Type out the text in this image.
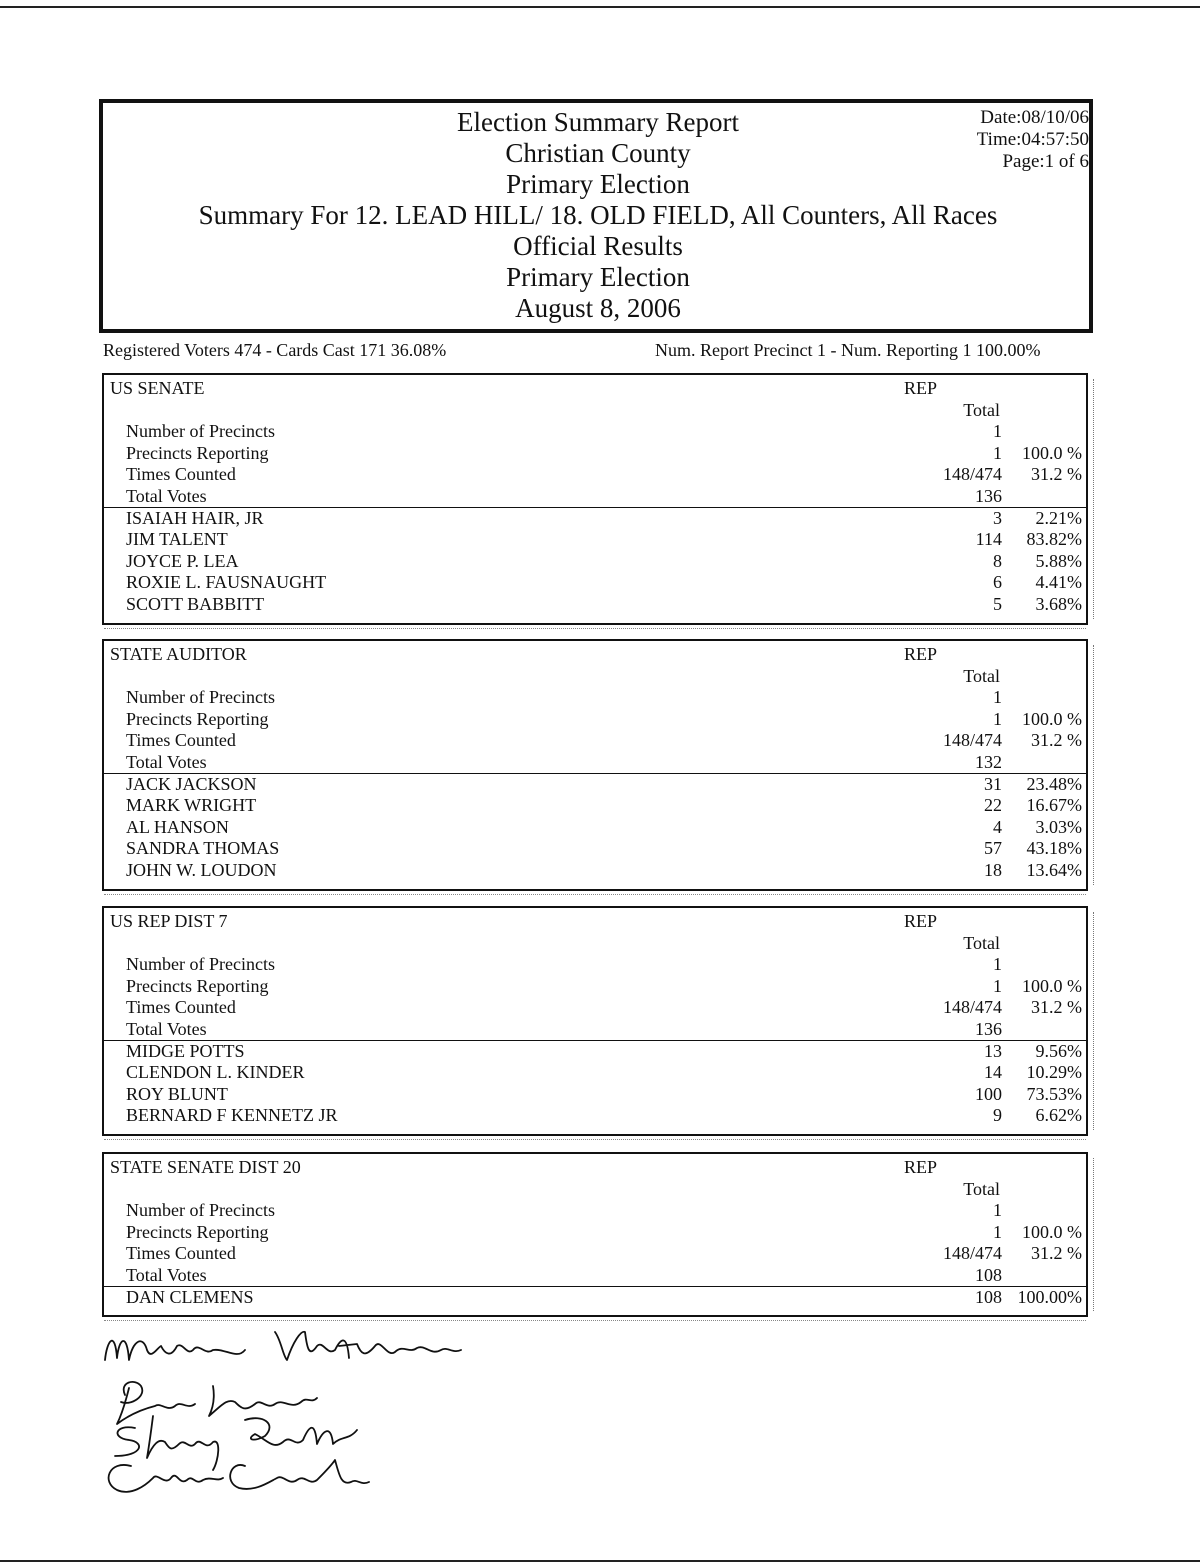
Election Summary Report
Christian County
Primary Election
Summary For 12. LEAD HILL/ 18. OLD FIELD, All Counters, All Races
Official Results
Primary Election
August 8, 2006
Date:08/10/06
Time:04:57:50
Page:1 of 6
Registered Voters 474 - Cards Cast 171 36.08%	Num. Report Precinct 1 - Num. Reporting 1 100.00%
US SENATE	REP
Total
Number of Precincts	1
Precincts Reporting	1 100.0 %
Times Counted	148/474 31.2 %
Total Votes	136
ISAIAH HAIR, JR	3 2.21%
JIM TALENT	114 83.82%
JOYCE P. LEA	8 5.88%
ROXIE L. FAUSNAUGHT	6 4.41%
SCOTT BABBITT	5 3.68%
STATE AUDITOR	REP
Total
Number of Precincts	1
Precincts Reporting	1 100.0 %
Times Counted	148/474 31.2 %
Total Votes	132
JACK JACKSON	31 23.48%
MARK WRIGHT	22 16.67%
AL HANSON	4 3.03%
SANDRA THOMAS	57 43.18%
JOHN W. LOUDON	18 13.64%
US REP DIST 7	REP
Total
Number of Precincts	1
Precincts Reporting	1 100.0 %
Times Counted	148/474 31.2 %
Total Votes	136
MIDGE POTTS	13 9.56%
CLENDON L. KINDER	14 10.29%
ROY BLUNT	100 73.53%
BERNARD F KENNETZ JR	9 6.62%
STATE SENATE DIST 20	REP
Total
Number of Precincts	1
Precincts Reporting	1 100.0 %
Times Counted	148/474 31.2 %
Total Votes	108
DAN CLEMENS	108 100.00%
